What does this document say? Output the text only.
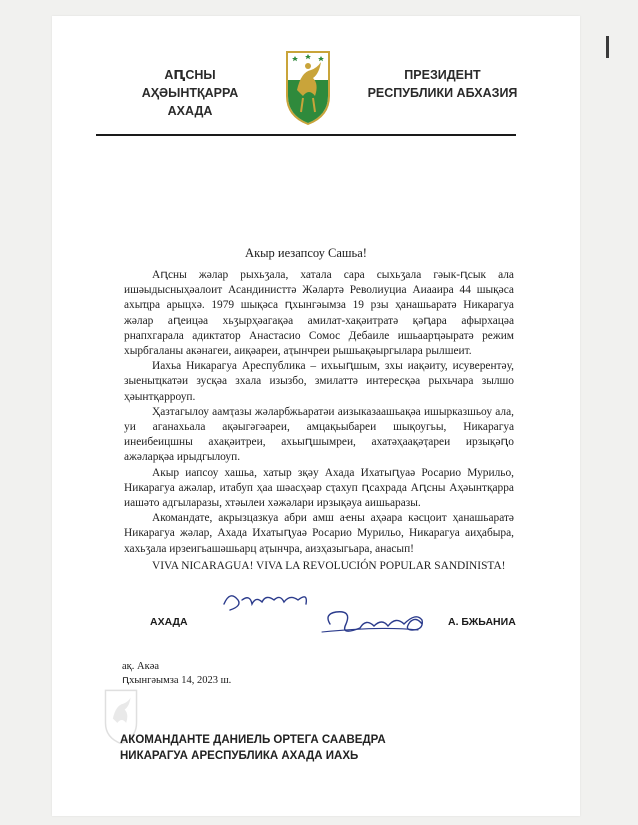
АԤСНЫ
АҲӘЫНТҚАРРА АХАДА
ПРЕЗИДЕНТ
РЕСПУБЛИКИ АБХАЗИЯ
Акыр иезапсоу Сашьа!

Аԥсны жәлар рыхьӡала, хатала сара сыхьӡала гәык-ԥсык ала ишәыдысныҳәалоит Асандинисттә Жәлартә Револиуциа Аиааира 44 шықәса ахыҵра арыцхә. 1979 шықәса ԥхынгәымза 19 рзы ҳанашьаратә Никарагуа жәлар аԥеицәа хьӡырҳәагақәа амилат-хақәитратә қәԥара афырхацәа рнапхгарала адиктатор Анастасио Сомос Дебаиле ишьаарҵәыратә режим хырбгаланы акәнагеи, аиқәареи, аҭынчреи рышьақәыргылара рылшеит.

Иахьа Никарагуа Ареспублика – ихьыԥшым, зхы иақәиту, исуверентәу, зыеныҵкатәи зусқәа зхала изызбо, змилаттә интересқәа рыхьчара зылшо ҳәынтқарроуп.

Ҳазтагылоу аамҭазы жәларбжьаратәи аизыказаашьақәа ишырказшьоу ала, уи аганахьала ақәыгәгәареи, амцақьыбареи шықоугьы, Никарагуа инеибеицшны ахақәитреи, ахьыԥшымреи, ахатәҳаақәҭареи ирзықәԥо ажәларқәа ирыдгылоуп.

Акыр иапсоу хашьа, хатыр зқәу Ахада Ихатыԥуаә Росарио Мурильо, Никарагуа ажәлар, итабуп ҳаа шәасҳәар сҭахуп ԥсахрада Аԥсны Аҳәынтқарра иашәто адгыларазы, хтәылеи хәжәлари ирзықәуа аишьаразы.

Акомандате, акрызцазкуа абри амш аҽны аҳәара кәсцоит ҳанашьаратә Никарагуа жәлар, Ахада Ихатыԥуаә Росарио Мурильо, Никарагуа аиҳабыра, хахьӡала ирзеигьашәшьарц аҭынчра, аизҳазыгьара, анасып!

VIVA NICARAGUA! VIVA LA REVOLUCIÓN POPULAR SANDINISTA!

АХАДА	А. БЖЬАНИА
ақ. Акәа
ԥхынгәымза 14, 2023 ш.
АКОМАНДАНТЕ ДАНИЕЛЬ ОРТЕГА СААВЕДРА
НИКАРАГУА АРЕСПУБЛИКА АХАДА ИАХЬ
